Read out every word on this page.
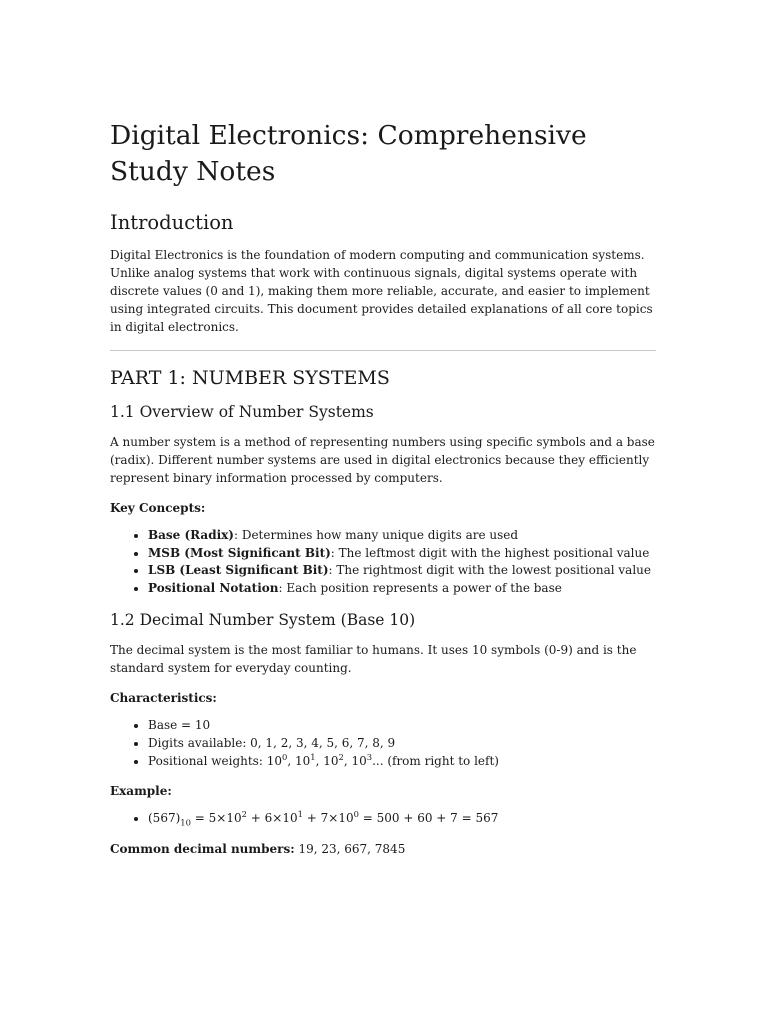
Digital Electronics: Comprehensive Study Notes
Introduction

Digital Electronics is the foundation of modern computing and communication systems. Unlike analog systems that work with continuous signals, digital systems operate with discrete values (0 and 1), making them more reliable, accurate, and easier to implement using integrated circuits. This document provides detailed explanations of all core topics in digital electronics.

PART 1: NUMBER SYSTEMS
1.1 Overview of Number Systems

A number system is a method of representing numbers using specific symbols and a base (radix). Different number systems are used in digital electronics because they efficiently represent binary information processed by computers.

Key Concepts:

• Base (Radix): Determines how many unique digits are used
• MSB (Most Significant Bit): The leftmost digit with the highest positional value
• LSB (Least Significant Bit): The rightmost digit with the lowest positional value
• Positional Notation: Each position represents a power of the base
1.2 Decimal Number System (Base 10)

The decimal system is the most familiar to humans. It uses 10 symbols (0-9) and is the standard system for everyday counting.

Characteristics:

• Base = 10
• Digits available: 0, 1, 2, 3, 4, 5, 6, 7, 8, 9
• Positional weights: $10^0$, $10^1$, $10^2$, $10^3$... (from right to left)

Example:

• $(567)_{10} = 5\times 10^2 + 6\times 10^1 + 7\times 10^0 = 500 + 60 + 7 = 567$

Common decimal numbers: 19, 23, 667, 7845
